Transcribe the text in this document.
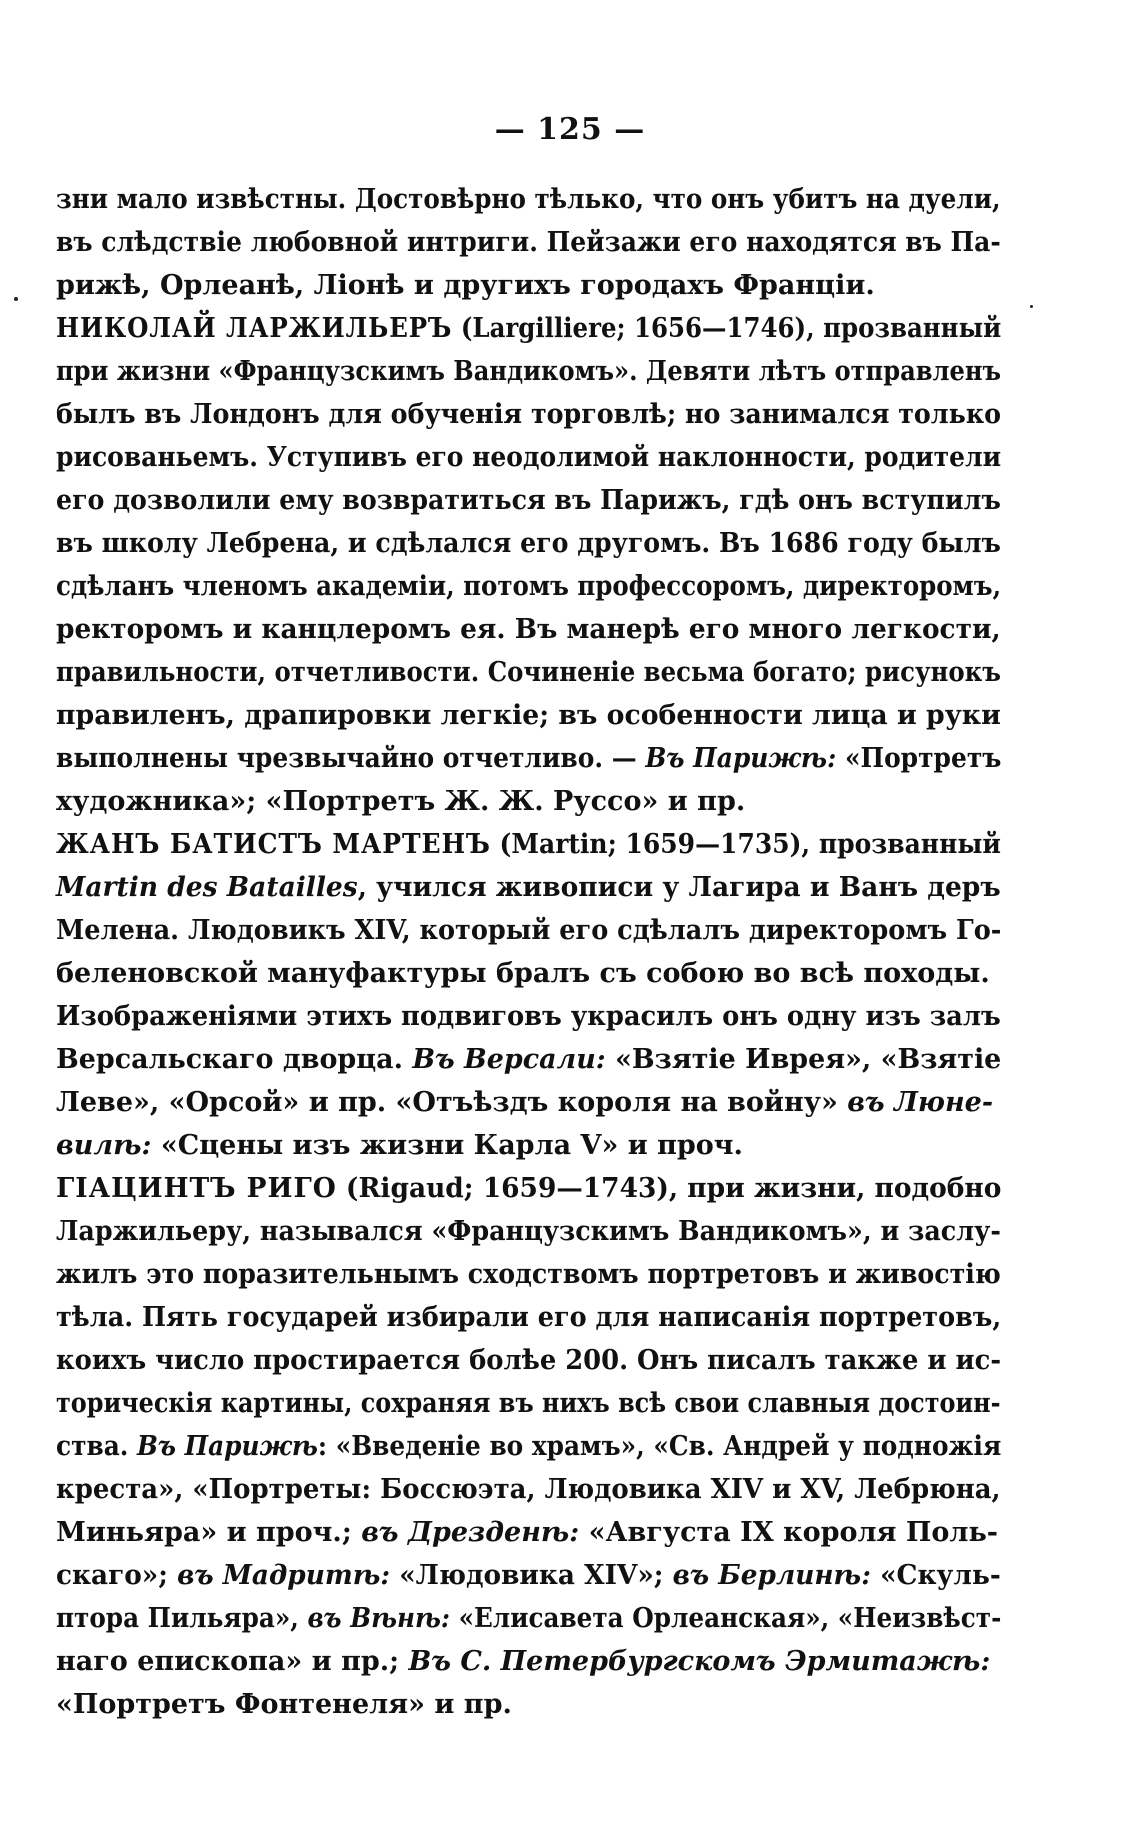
— 125 —
зни мало извѣстны. Достовѣрно тѣлько, что онъ убитъ на дуели,
въ слѣдствіе любовной интриги. Пейзажи его находятся въ Па-
рижѣ, Орлеанѣ, Ліонѣ и другихъ городахъ Франціи.
НИКОЛАЙ ЛАРЖИЛЬЕРЪ (Largilliere; 1656—1746), прозванный
при жизни «Французскимъ Вандикомъ». Девяти лѣтъ отправленъ
былъ въ Лондонъ для обученія торговлѣ; но занимался только
рисованьемъ. Уступивъ его неодолимой наклонности, родители
его дозволили ему возвратиться въ Парижъ, гдѣ онъ вступилъ
въ школу Лебрена, и сдѣлался его другомъ. Въ 1686 году былъ
сдѣланъ членомъ академіи, потомъ профессоромъ, директоромъ,
ректоромъ и канцлеромъ ея. Въ манерѣ его много легкости,
правильности, отчетливости. Сочиненіе весьма богато; рисунокъ
правиленъ, драпировки легкіе; въ особенности лица и руки
выполнены чрезвычайно отчетливо. — Въ Парижѣ: «Портретъ
художника»; «Портретъ Ж. Ж. Руссо» и пр.
ЖАНЪ БАТИСТЪ МАРТЕНЪ (Martin; 1659—1735), прозванный
Martin des Batailles, учился живописи у Лагира и Ванъ деръ
Мелена. Людовикъ XIV, который его сдѣлалъ директоромъ Го-
беленовской мануфактуры бралъ съ собою во всѣ походы.
Изображеніями этихъ подвиговъ украсилъ онъ одну изъ залъ
Версальскаго дворца. Въ Версали: «Взятіе Иврея», «Взятіе
Леве», «Орсой» и пр. «Отъѣздъ короля на войну» въ Люне-
вилѣ: «Сцены изъ жизни Карла V» и проч.
ГІАЦИНТЪ РИГО (Rigaud; 1659—1743), при жизни, подобно
Ларжильеру, назывался «Французскимъ Вандикомъ», и заслу-
жилъ это поразительнымъ сходствомъ портретовъ и живостію
тѣла. Пять государей избирали его для написанія портретовъ,
коихъ число простирается болѣе 200. Онъ писалъ также и ис-
торическія картины, сохраняя въ нихъ всѣ свои славныя достоин-
ства. Въ Парижѣ: «Введеніе во храмъ», «Св. Андрей у подножія
креста», «Портреты: Боссюэта, Людовика XIV и XV, Лебрюна,
Миньяра» и проч.; въ Дрезденѣ: «Августа IX короля Поль-
скаго»; въ Мадритѣ: «Людовика XIV»; въ Берлинѣ: «Скуль-
птора Пильяра», въ Вѣнѣ: «Елисавета Орлеанская», «Неизвѣст-
наго епископа» и пр.; Въ С. Петербургскомъ Эрмитажѣ:
«Портретъ Фонтенеля» и пр.
